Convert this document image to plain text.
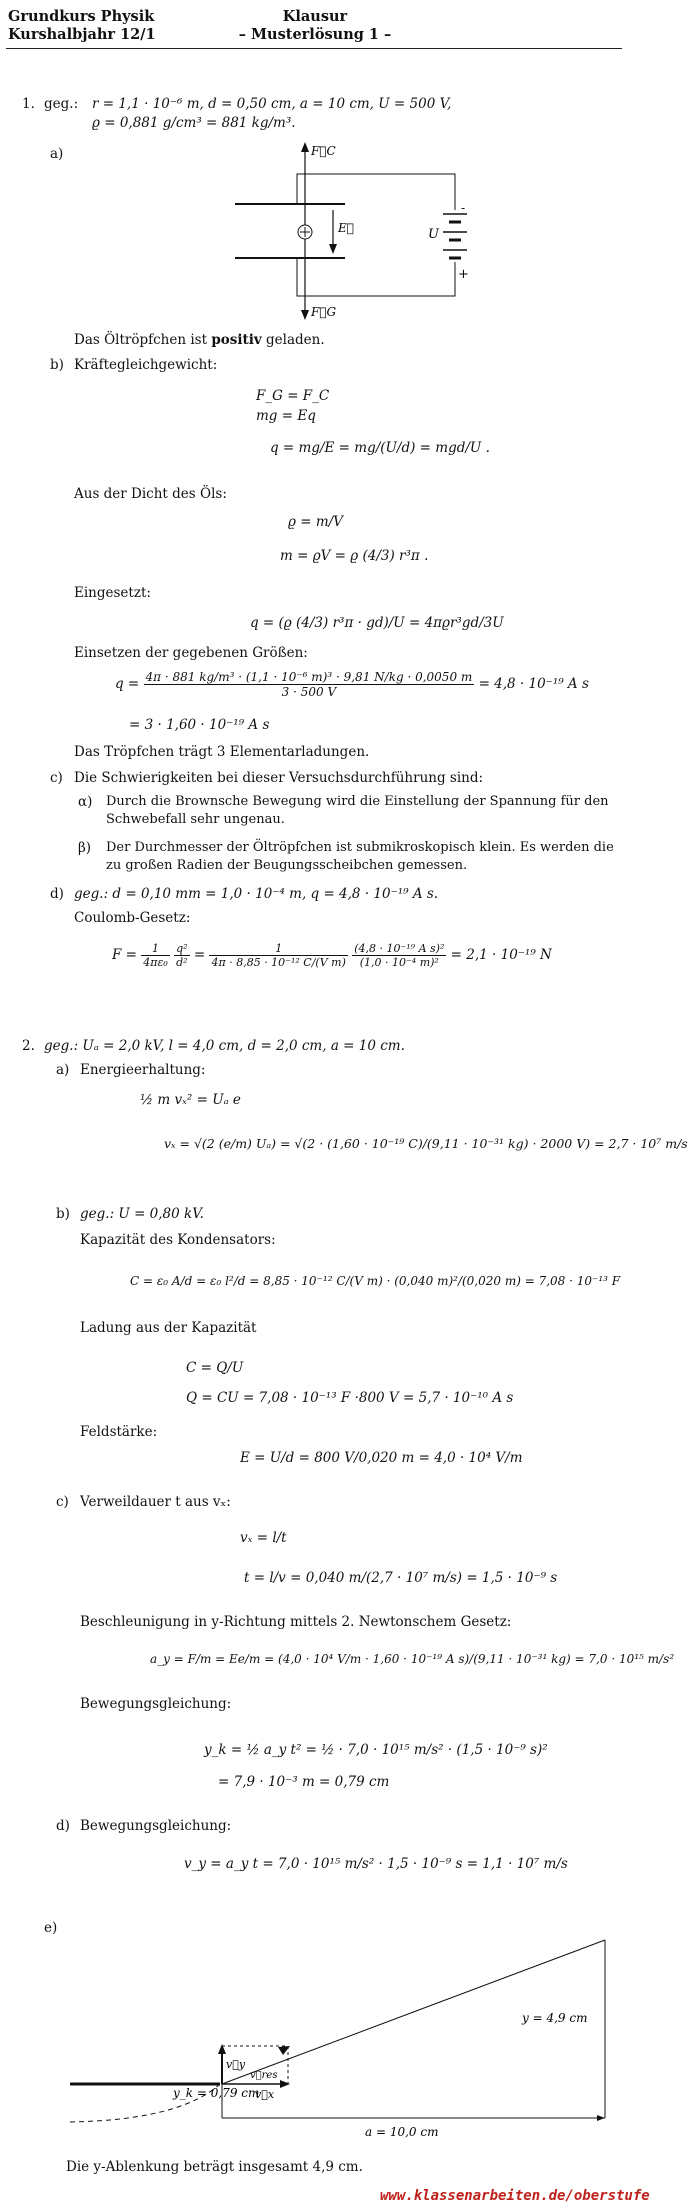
Grundkurs Physik
Kurshalbjahr 12/1
Klausur
– Musterlösung 1 –
1. geg.: r = 1,1 · 10⁻⁶ m, d = 0,50 cm, a = 10 cm, U = 500 V,
ϱ = 0,881 g/cm³ = 881 kg/m³.
a)	F⃗C
F⃗G
E⃗	U
-
+
Das Öltröpfchen ist positiv geladen.
b) Kräftegleichgewicht:
F_G = F_C
mg = Eq
q = mg/E = mg/(U/d) = mgd/U .
Aus der Dicht des Öls:
ϱ = m/V
m = ϱV = ϱ (4/3) r³π .
Eingesetzt:
q = (ϱ (4/3) r³π · gd)/U = 4πϱr³gd/3U
Einsetzen der gegebenen Größen:
$q = \frac{\text{4π · 881 kg/m³ · (1,1 · 10⁻⁶ m)³ · 9,81 N/kg · 0,0050 m}}{3 \cdot 500 V} = 4,8 \cdot 10^{-19}$ A s
= 3 · 1,60 · 10⁻¹⁹ A s
Das Tröpfchen trägt 3 Elementarladungen.
c) Die Schwierigkeiten bei dieser Versuchsdurchführung sind:
α) Durch die Brownsche Bewegung wird die Einstellung der Spannung für den
Schwebefall sehr ungenau.
β) Der Durchmesser der Öltröpfchen ist submikroskopisch klein. Es werden die
zu großen Radien der Beugungsscheibchen gemessen.
d) geg.: d = 0,10 mm = 1,0 · 10⁻⁴ m, q = 4,8 · 10⁻¹⁹ A s.
Coulomb-Gesetz:
$F = \frac{1}{\text{4πε₀}}$
$\frac{\text{q²}}{\text{d²}} = \frac{1}{\text{4π · 8,85 · 10⁻¹² C/(V m)}}$
$\frac{\text{(4,8 · 10⁻¹⁹ A s)²}}{\text{(1,0 · 10⁻⁴ m)²}} = 2,1 \cdot 10^{-19}$ N
2. geg.: Uₐ = 2,0 kV, l = 4,0 cm, d = 2,0 cm, a = 10 cm.
a) Energieerhaltung:
½ m vₓ² = Uₐ e
vₓ = √(2 (e/m) Uₐ) = √(2 · (1,60 · 10⁻¹⁹ C)/(9,11 · 10⁻³¹ kg) · 2000 V) = 2,7 · 10⁷ m/s
b) geg.: U = 0,80 kV.
Kapazität des Kondensators:
C = ε₀ A/d = ε₀ l²/d = 8,85 · 10⁻¹² C/(V m) · (0,040 m)²/(0,020 m) = 7,08 · 10⁻¹³ F
Ladung aus der Kapazität
C = Q/U
Q = CU = 7,08 · 10⁻¹³ F ·800 V = 5,7 · 10⁻¹⁰ A s
Feldstärke:
E = U/d = 800 V/0,020 m = 4,0 · 10⁴ V/m
c) Verweildauer t aus vₓ:
vₓ = l/t
t = l/v = 0,040 m/(2,7 · 10⁷ m/s) = 1,5 · 10⁻⁹ s
Beschleunigung in y-Richtung mittels 2. Newtonschem Gesetz:
a_y = F/m = Ee/m = (4,0 · 10⁴ V/m · 1,60 · 10⁻¹⁹ A s)/(9,11 · 10⁻³¹ kg) = 7,0 · 10¹⁵ m/s²
Bewegungsgleichung:
y_k = ½ a_y t² = ½ · 7,0 · 10¹⁵ m/s² · (1,5 · 10⁻⁹ s)²
= 7,9 · 10⁻³ m = 0,79 cm
d) Bewegungsgleichung:
v_y = a_y t = 7,0 · 10¹⁵ m/s² · 1,5 · 10⁻⁹ s = 1,1 · 10⁷ m/s
e)
v⃗y
v⃗res
v⃗x
y_k = 0,79 cm
y = 4,9 cm
a = 10,0 cm
Die y-Ablenkung beträgt insgesamt 4,9 cm.
www.klassenarbeiten.de/oberstufe
